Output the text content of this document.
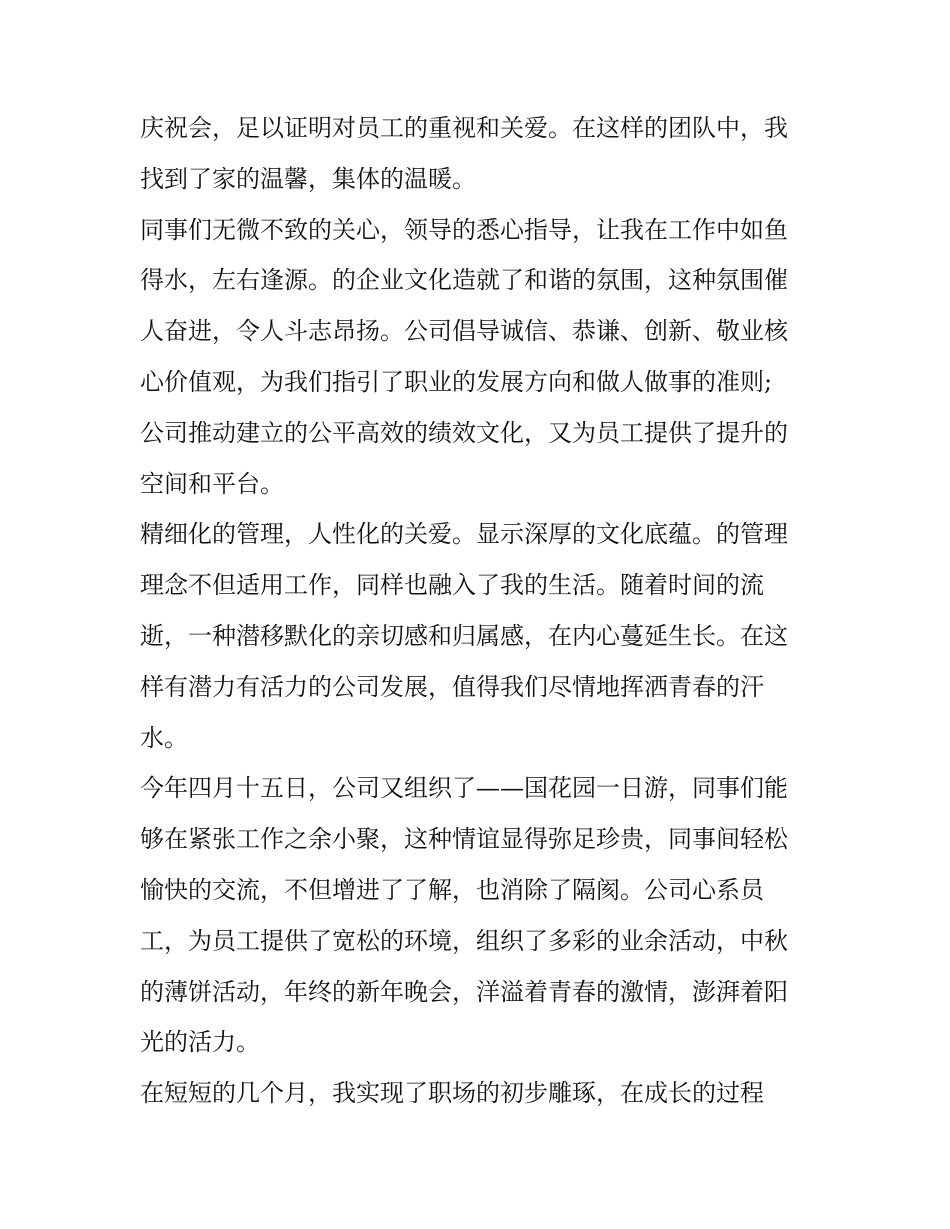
庆祝会，足以证明对员工的重视和关爱。在这样的团队中，我
找到了家的温馨，集体的温暖。
同事们无微不致的关心，领导的悉心指导，让我在工作中如鱼
得水，左右逢源。的企业文化造就了和谐的氛围，这种氛围催
人奋进，令人斗志昂扬。公司倡导诚信、恭谦、创新、敬业核
心价值观，为我们指引了职业的发展方向和做人做事的准则;
公司推动建立的公平高效的绩效文化，又为员工提供了提升的
空间和平台。
精细化的管理，人性化的关爱。显示深厚的文化底蕴。的管理
理念不但适用工作，同样也融入了我的生活。随着时间的流
逝，一种潜移默化的亲切感和归属感，在内心蔓延生长。在这
样有潜力有活力的公司发展，值得我们尽情地挥洒青春的汗
水。
今年四月十五日，公司又组织了——国花园一日游，同事们能
够在紧张工作之余小聚，这种情谊显得弥足珍贵，同事间轻松
愉快的交流，不但增进了了解，也消除了隔阂。公司心系员
工，为员工提供了宽松的环境，组织了多彩的业余活动，中秋
的薄饼活动，年终的新年晚会，洋溢着青春的激情，澎湃着阳
光的活力。
在短短的几个月，我实现了职场的初步雕琢，在成长的过程
